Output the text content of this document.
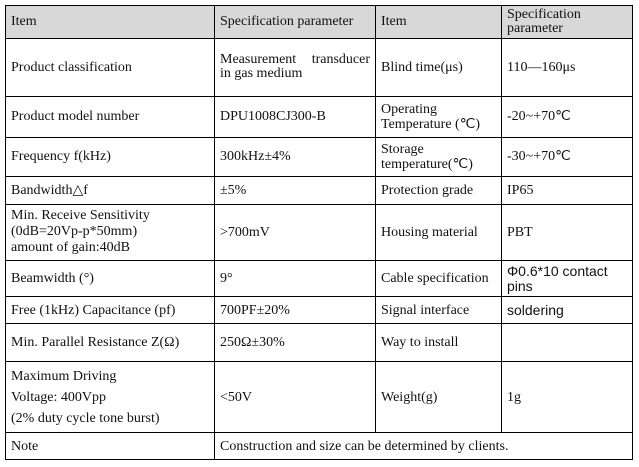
Item	Specification parameter	Item	Specification parameter
Product classification	Measurement transducer in gas medium	Blind time(μs)	110—160μs
Product model number	DPU1008CJ300-B	Operating Temperature (℃)	-20~+70℃
Frequency f(kHz)	300kHz±4%	Storage temperature(℃)	-30~+70℃
Bandwidth△f	±5%	Protection grade	IP65

Min. Receive Sensitivity
(0dB=20Vp-p*50mm)
amount of gain:40dB	>700mV	Housing material	PBT
Beamwidth (°)	9°	Cable specification	Φ0.6*10 contact pins
Free (1kHz) Capacitance (pf)	700PF±20%	Signal interface	soldering
Min. Parallel Resistance Z(Ω)	250Ω±30%	Way to install	

Maximum Driving
Voltage: 400Vpp
(2% duty cycle tone burst)	<50V	Weight(g)	1g
Note	Construction and size can be determined by clients.		
